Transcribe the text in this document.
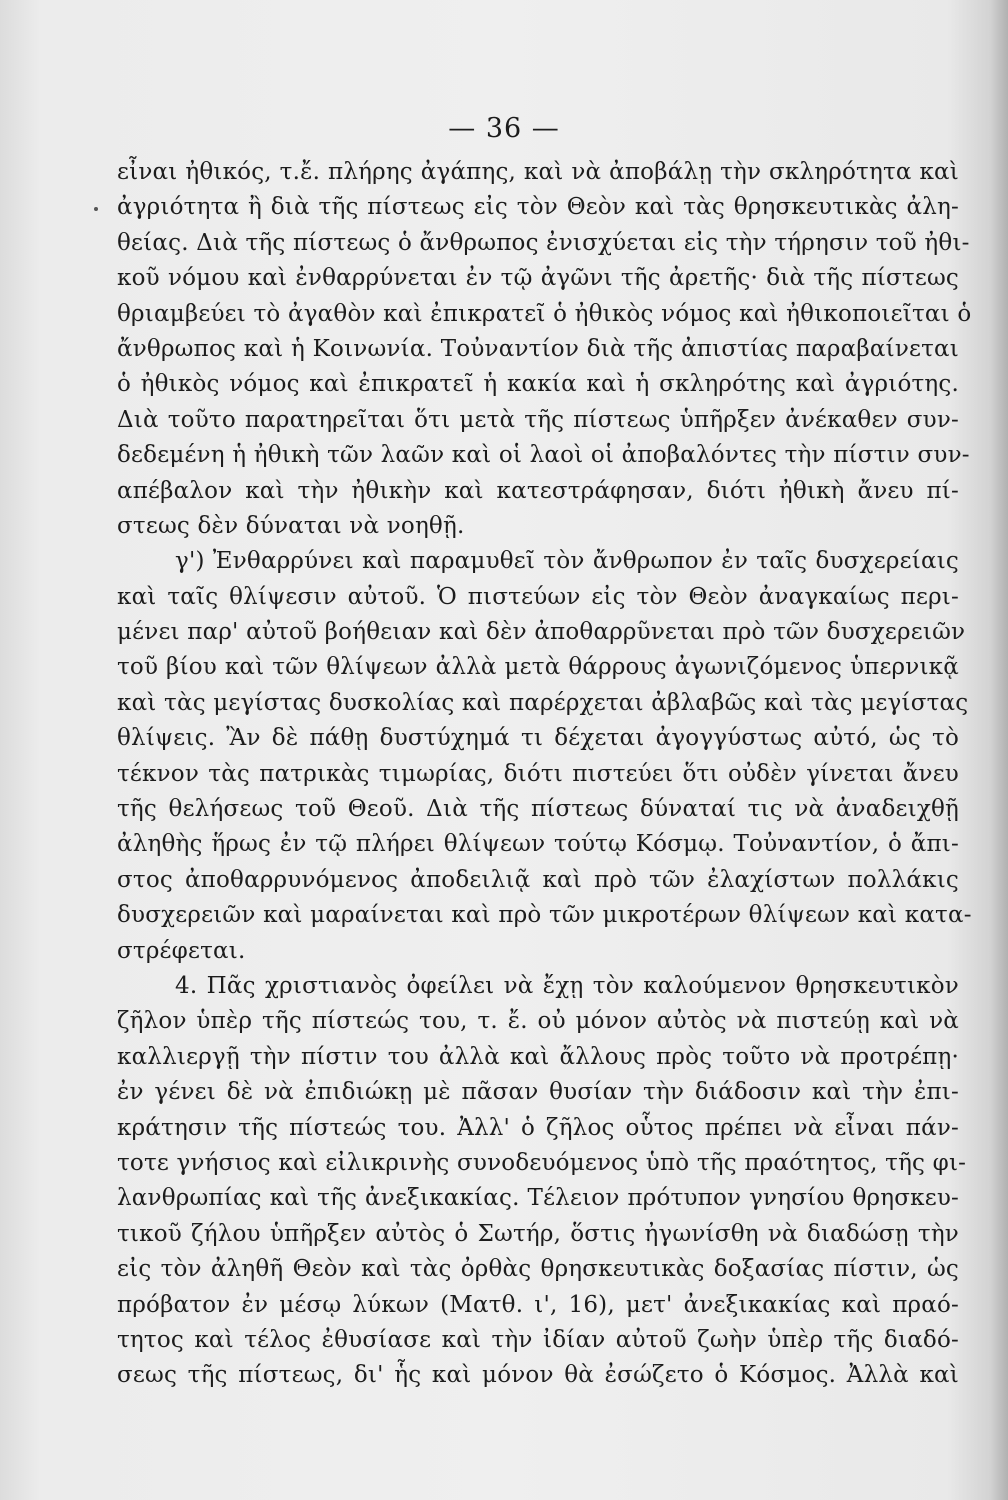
— 36 —
εἶναι ἠθικός, τ.ἔ. πλήρης ἀγάπης, καὶ νὰ ἀποβάλῃ τὴν σκληρότητα καὶ
ἀγριότητα ἢ διὰ τῆς πίστεως εἰς τὸν Θεὸν καὶ τὰς θρησκευτικὰς ἀλη-
θείας. Διὰ τῆς πίστεως ὁ ἄνθρωπος ἐνισχύεται εἰς τὴν τήρησιν τοῦ ἠθι-
κοῦ νόμου καὶ ἐνθαρρύνεται ἐν τῷ ἀγῶνι τῆς ἀρετῆς· διὰ τῆς πίστεως
θριαμβεύει τὸ ἀγαθὸν καὶ ἐπικρατεῖ ὁ ἠθικὸς νόμος καὶ ἠθικοποιεῖται ὁ
ἄνθρωπος καὶ ἡ Κοινωνία. Τοὐναντίον διὰ τῆς ἀπιστίας παραβαίνεται
ὁ ἠθικὸς νόμος καὶ ἐπικρατεῖ ἡ κακία καὶ ἡ σκληρότης καὶ ἀγριότης.
Διὰ τοῦτο παρατηρεῖται ὅτι μετὰ τῆς πίστεως ὑπῆρξεν ἀνέκαθεν συν-
δεδεμένη ἡ ἠθικὴ τῶν λαῶν καὶ οἱ λαοὶ οἱ ἀποβαλόντες τὴν πίστιν συν-
απέβαλον καὶ τὴν ἠθικὴν καὶ κατεστράφησαν, διότι ἠθικὴ ἄνευ πί-
στεως δὲν δύναται νὰ νοηθῇ.
γ') Ἐνθαρρύνει καὶ παραμυθεῖ τὸν ἄνθρωπον ἐν ταῖς δυσχερείαις
καὶ ταῖς θλίψεσιν αὐτοῦ. Ὁ πιστεύων εἰς τὸν Θεὸν ἀναγκαίως περι-
μένει παρ' αὐτοῦ βοήθειαν καὶ δὲν ἀποθαρρῦνεται πρὸ τῶν δυσχερειῶν
τοῦ βίου καὶ τῶν θλίψεων ἀλλὰ μετὰ θάρρους ἀγωνιζόμενος ὑπερνικᾷ
καὶ τὰς μεγίστας δυσκολίας καὶ παρέρχεται ἀβλαβῶς καὶ τὰς μεγίστας
θλίψεις. Ἂν δὲ πάθῃ δυστύχημά τι δέχεται ἀγογγύστως αὐτό, ὡς τὸ
τέκνον τὰς πατρικὰς τιμωρίας, διότι πιστεύει ὅτι οὐδὲν γίνεται ἄνευ
τῆς θελήσεως τοῦ Θεοῦ. Διὰ τῆς πίστεως δύναταί τις νὰ ἀναδειχθῇ
ἀληθὴς ἥρως ἐν τῷ πλήρει θλίψεων τούτῳ Κόσμῳ. Τοὐναντίον, ὁ ἄπι-
στος ἀποθαρρυνόμενος ἀποδειλιᾷ καὶ πρὸ τῶν ἐλαχίστων πολλάκις
δυσχερειῶν καὶ μαραίνεται καὶ πρὸ τῶν μικροτέρων θλίψεων καὶ κατα-
στρέφεται.
4. Πᾶς χριστιανὸς ὀφείλει νὰ ἔχῃ τὸν καλούμενον θρησκευτικὸν
ζῆλον ὑπὲρ τῆς πίστεώς του, τ. ἔ. οὐ μόνον αὐτὸς νὰ πιστεύῃ καὶ νὰ
καλλιεργῇ τὴν πίστιν του ἀλλὰ καὶ ἄλλους πρὸς τοῦτο νὰ προτρέπῃ·
ἐν γένει δὲ νὰ ἐπιδιώκῃ μὲ πᾶσαν θυσίαν τὴν διάδοσιν καὶ τὴν ἐπι-
κράτησιν τῆς πίστεώς του. Ἀλλ' ὁ ζῆλος οὗτος πρέπει νὰ εἶναι πάν-
τοτε γνήσιος καὶ εἰλικρινὴς συνοδευόμενος ὑπὸ τῆς πραότητος, τῆς φι-
λανθρωπίας καὶ τῆς ἀνεξικακίας. Τέλειον πρότυπον γνησίου θρησκευ-
τικοῦ ζήλου ὑπῆρξεν αὐτὸς ὁ Σωτήρ, ὅστις ἠγωνίσθη νὰ διαδώσῃ τὴν
εἰς τὸν ἀληθῆ Θεὸν καὶ τὰς ὀρθὰς θρησκευτικὰς δοξασίας πίστιν, ὡς
πρόβατον ἐν μέσῳ λύκων (Ματθ. ι', 16), μετ' ἀνεξικακίας καὶ πραό-
τητος καὶ τέλος ἐθυσίασε καὶ τὴν ἰδίαν αὐτοῦ ζωὴν ὑπὲρ τῆς διαδό-
σεως τῆς πίστεως, δι' ἧς καὶ μόνον θὰ ἐσώζετο ὁ Κόσμος. Ἀλλὰ καὶ
